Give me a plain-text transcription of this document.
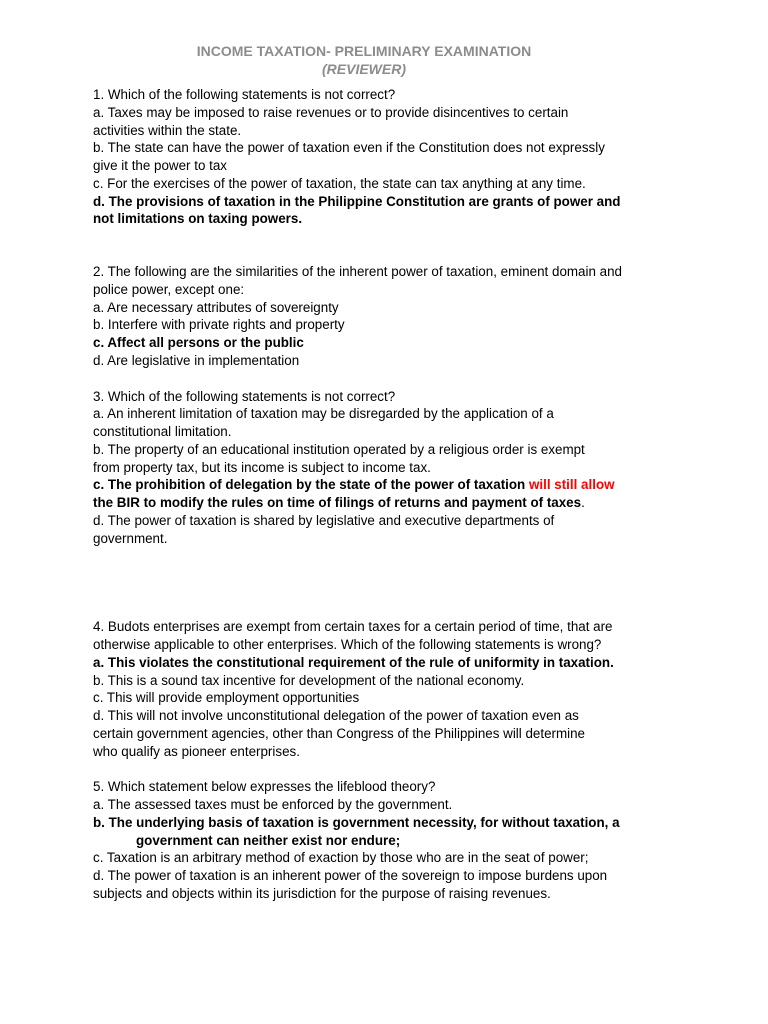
INCOME TAXATION- PRELIMINARY EXAMINATION
(REVIEWER)

1. Which of the following statements is not correct?

a. Taxes may be imposed to raise revenues or to provide disincentives to certain

activities within the state.

b. The state can have the power of taxation even if the Constitution does not expressly

give it the power to tax

c. For the exercises of the power of taxation, the state can tax anything at any time.

d. The provisions of taxation in the Philippine Constitution are grants of power and

not limitations on taxing powers.

2. The following are the similarities of the inherent power of taxation, eminent domain and

police power, except one:

a. Are necessary attributes of sovereignty

b. Interfere with private rights and property

c. Affect all persons or the public

d. Are legislative in implementation

3. Which of the following statements is not correct?

a. An inherent limitation of taxation may be disregarded by the application of a

constitutional limitation.

b. The property of an educational institution operated by a religious order is exempt

from property tax, but its income is subject to income tax.

c. The prohibition of delegation by the state of the power of taxation will still allow

the BIR to modify the rules on time of filings of returns and payment of taxes.

d. The power of taxation is shared by legislative and executive departments of

government.

4. Budots enterprises are exempt from certain taxes for a certain period of time, that are

otherwise applicable to other enterprises. Which of the following statements is wrong?

a. This violates the constitutional requirement of the rule of uniformity in taxation.

b. This is a sound tax incentive for development of the national economy.

c. This will provide employment opportunities

d. This will not involve unconstitutional delegation of the power of taxation even as

certain government agencies, other than Congress of the Philippines will determine

who qualify as pioneer enterprises.

5. Which statement below expresses the lifeblood theory?

a. The assessed taxes must be enforced by the government.

b. The underlying basis of taxation is government necessity, for without taxation, a

government can neither exist nor endure;

c. Taxation is an arbitrary method of exaction by those who are in the seat of power;

d. The power of taxation is an inherent power of the sovereign to impose burdens upon

subjects and objects within its jurisdiction for the purpose of raising revenues.
